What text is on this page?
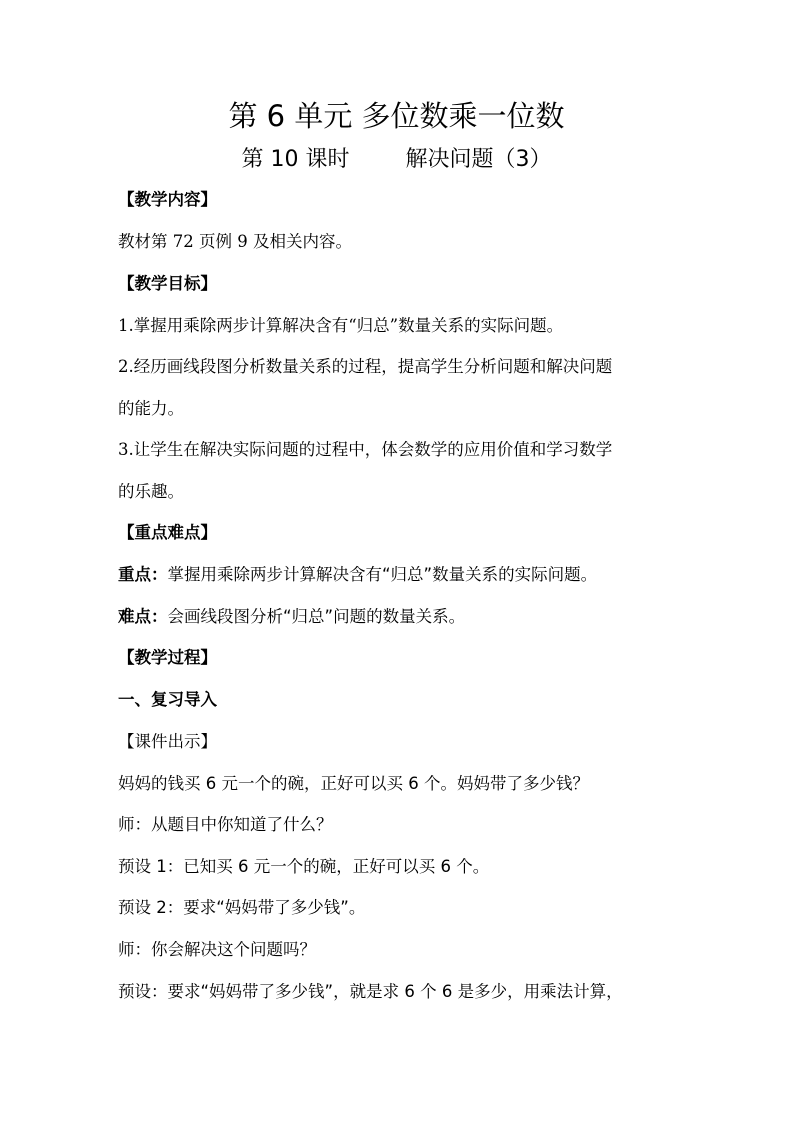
第 6 单元 多位数乘一位数
第 10 课时	解决问题（3）
【教学内容】
教材第 72 页例 9 及相关内容。
【教学目标】
1.掌握用乘除两步计算解决含有“归总”数量关系的实际问题。
2.经历画线段图分析数量关系的过程，提高学生分析问题和解决问题
的能力。
3.让学生在解决实际问题的过程中，体会数学的应用价值和学习数学
的乐趣。
【重点难点】
重点：掌握用乘除两步计算解决含有“归总”数量关系的实际问题。
难点：会画线段图分析“归总”问题的数量关系。
【教学过程】
一、复习导入
【课件出示】
妈妈的钱买 6 元一个的碗，正好可以买 6 个。妈妈带了多少钱？
师：从题目中你知道了什么？
预设 1：已知买 6 元一个的碗，正好可以买 6 个。
预设 2：要求“妈妈带了多少钱”。
师：你会解决这个问题吗？
预设：要求“妈妈带了多少钱”，就是求 6 个 6 是多少，用乘法计算，
